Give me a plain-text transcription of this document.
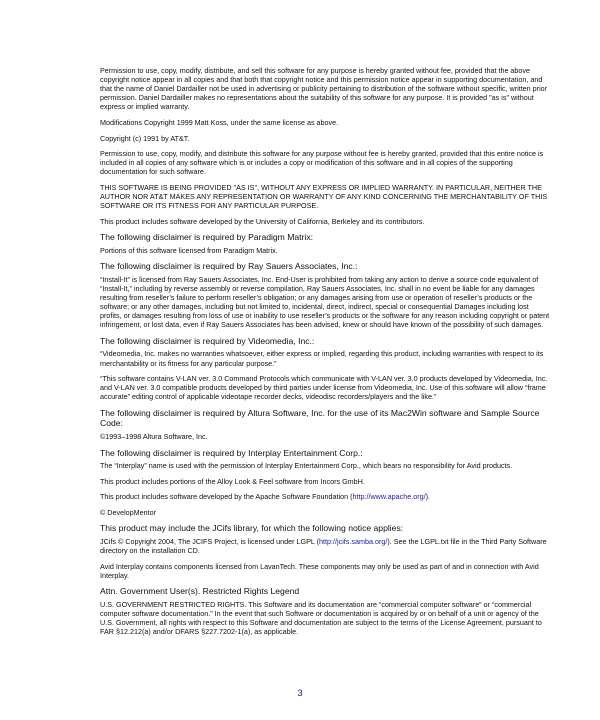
Permission to use, copy, modify, distribute, and sell this software for any purpose is hereby granted without fee, provided that the above copyright notice appear in all copies and that both that copyright notice and this permission notice appear in supporting documentation, and that the name of Daniel Dardailler not be used in advertising or publicity pertaining to distribution of the software without specific, written prior permission. Daniel Dardailler makes no representations about the suitability of this software for any purpose. It is provided "as is" without express or implied warranty.

Modifications Copyright 1999 Matt Koss, under the same license as above.

Copyright (c) 1991 by AT&T.

Permission to use, copy, modify, and distribute this software for any purpose without fee is hereby granted, provided that this entire notice is included in all copies of any software which is or includes a copy or modification of this software and in all copies of the supporting documentation for such software.

THIS SOFTWARE IS BEING PROVIDED "AS IS", WITHOUT ANY EXPRESS OR IMPLIED WARRANTY. IN PARTICULAR, NEITHER THE AUTHOR NOR AT&T MAKES ANY REPRESENTATION OR WARRANTY OF ANY KIND CONCERNING THE MERCHANTABILITY OF THIS SOFTWARE OR ITS FITNESS FOR ANY PARTICULAR PURPOSE.

This product includes software developed by the University of California, Berkeley and its contributors.

The following disclaimer is required by Paradigm Matrix:

Portions of this software licensed from Paradigm Matrix.

The following disclaimer is required by Ray Sauers Associates, Inc.:

“Install-It” is licensed from Ray Sauers Associates, Inc. End-User is prohibited from taking any action to derive a source code equivalent of “Install-It,” including by reverse assembly or reverse compilation, Ray Sauers Associates, Inc. shall in no event be liable for any damages resulting from reseller’s failure to perform reseller’s obligation; or any damages arising from use or operation of reseller’s products or the software; or any other damages, including but not limited to, incidental, direct, indirect, special or consequential Damages including lost profits, or damages resulting from loss of use or inability to use reseller’s products or the software for any reason including copyright or patent infringement, or lost data, even if Ray Sauers Associates has been advised, knew or should have known of the possibility of such damages.

The following disclaimer is required by Videomedia, Inc.:

“Videomedia, Inc. makes no warranties whatsoever, either express or implied, regarding this product, including warranties with respect to its merchantability or its fitness for any particular purpose.”

“This software contains V-LAN ver. 3.0 Command Protocols which communicate with V-LAN ver. 3.0 products developed by Videomedia, Inc. and V-LAN ver. 3.0 compatible products developed by third parties under license from Videomedia, Inc. Use of this software will allow “frame accurate” editing control of applicable videotape recorder decks, videodisc recorders/players and the like.”

The following disclaimer is required by Altura Software, Inc. for the use of its Mac2Win software and Sample Source Code:

©1993–1998 Altura Software, Inc.

The following disclaimer is required by Interplay Entertainment Corp.:

The “Interplay” name is used with the permission of Interplay Entertainment Corp., which bears no responsibility for Avid products.

This product includes portions of the Alloy Look & Feel software from Incors GmbH.

This product includes software developed by the Apache Software Foundation (http://www.apache.org/).

© DevelopMentor

This product may include the JCifs library, for which the following notice applies:

JCifs © Copyright 2004, The JCIFS Project, is licensed under LGPL (http://jcifs.samba.org/). See the LGPL.txt file in the Third Party Software directory on the installation CD.

Avid Interplay contains components licensed from LavanTech. These components may only be used as part of and in connection with Avid Interplay.

Attn. Government User(s). Restricted Rights Legend

U.S. GOVERNMENT RESTRICTED RIGHTS. This Software and its documentation are “commercial computer software” or “commercial computer software documentation.” In the event that such Software or documentation is acquired by or on behalf of a unit or agency of the U.S. Government, all rights with respect to this Software and documentation are subject to the terms of the License Agreement, pursuant to FAR §12.212(a) and/or DFARS §227.7202-1(a), as applicable.

3
